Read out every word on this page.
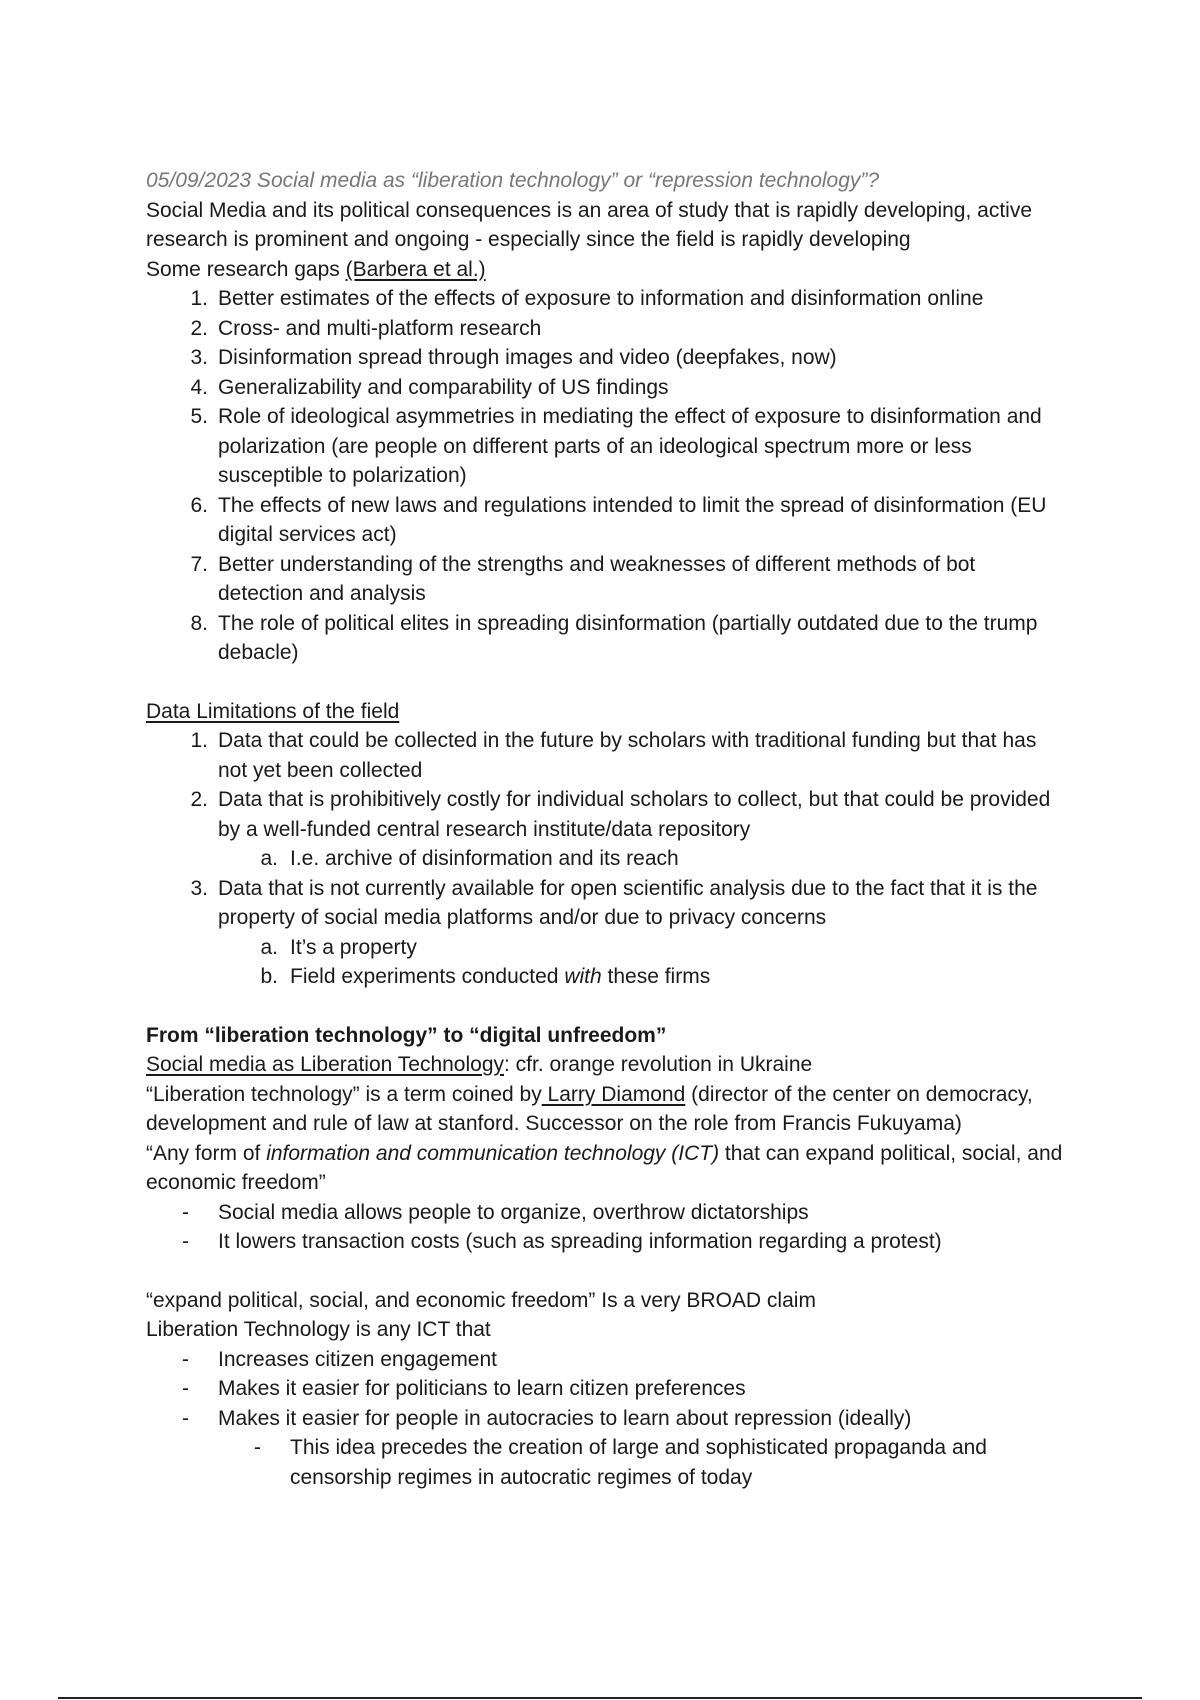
05/09/2023 Social media as “liberation technology” or “repression technology”?

Social Media and its political consequences is an area of study that is rapidly developing, active research is prominent and ongoing - especially since the field is rapidly developing

Some research gaps (Barbera et al.)

1. Better estimates of the effects of exposure to information and disinformation online
2. Cross- and multi-platform research
3. Disinformation spread through images and video (deepfakes, now)
4. Generalizability and comparability of US findings
5. Role of ideological asymmetries in mediating the effect of exposure to disinformation and polarization (are people on different parts of an ideological spectrum more or less susceptible to polarization)
6. The effects of new laws and regulations intended to limit the spread of disinformation (EU digital services act)
7. Better understanding of the strengths and weaknesses of different methods of bot detection and analysis
8. The role of political elites in spreading disinformation (partially outdated due to the trump debacle)

Data Limitations of the field

1. Data that could be collected in the future by scholars with traditional funding but that has not yet been collected
2. Data that is prohibitively costly for individual scholars to collect, but that could be provided by a well-funded central research institute/data repository
a. I.e. archive of disinformation and its reach
3. Data that is not currently available for open scientific analysis due to the fact that it is the property of social media platforms and/or due to privacy concerns
a. It’s a property
b. Field experiments conducted with these firms

From “liberation technology” to “digital unfreedom”

Social media as Liberation Technology: cfr. orange revolution in Ukraine

“Liberation technology” is a term coined by Larry Diamond (director of the center on democracy, development and rule of law at stanford. Successor on the role from Francis Fukuyama)

“Any form of information and communication technology (ICT) that can expand political, social, and economic freedom”

-	Social media allows people to organize, overthrow dictatorships
-	It lowers transaction costs (such as spreading information regarding a protest)

“expand political, social, and economic freedom” Is a very BROAD claim

Liberation Technology is any ICT that

-	Increases citizen engagement
-	Makes it easier for politicians to learn citizen preferences
-	Makes it easier for people in autocracies to learn about repression (ideally)
-	This idea precedes the creation of large and sophisticated propaganda and censorship regimes in autocratic regimes of today
